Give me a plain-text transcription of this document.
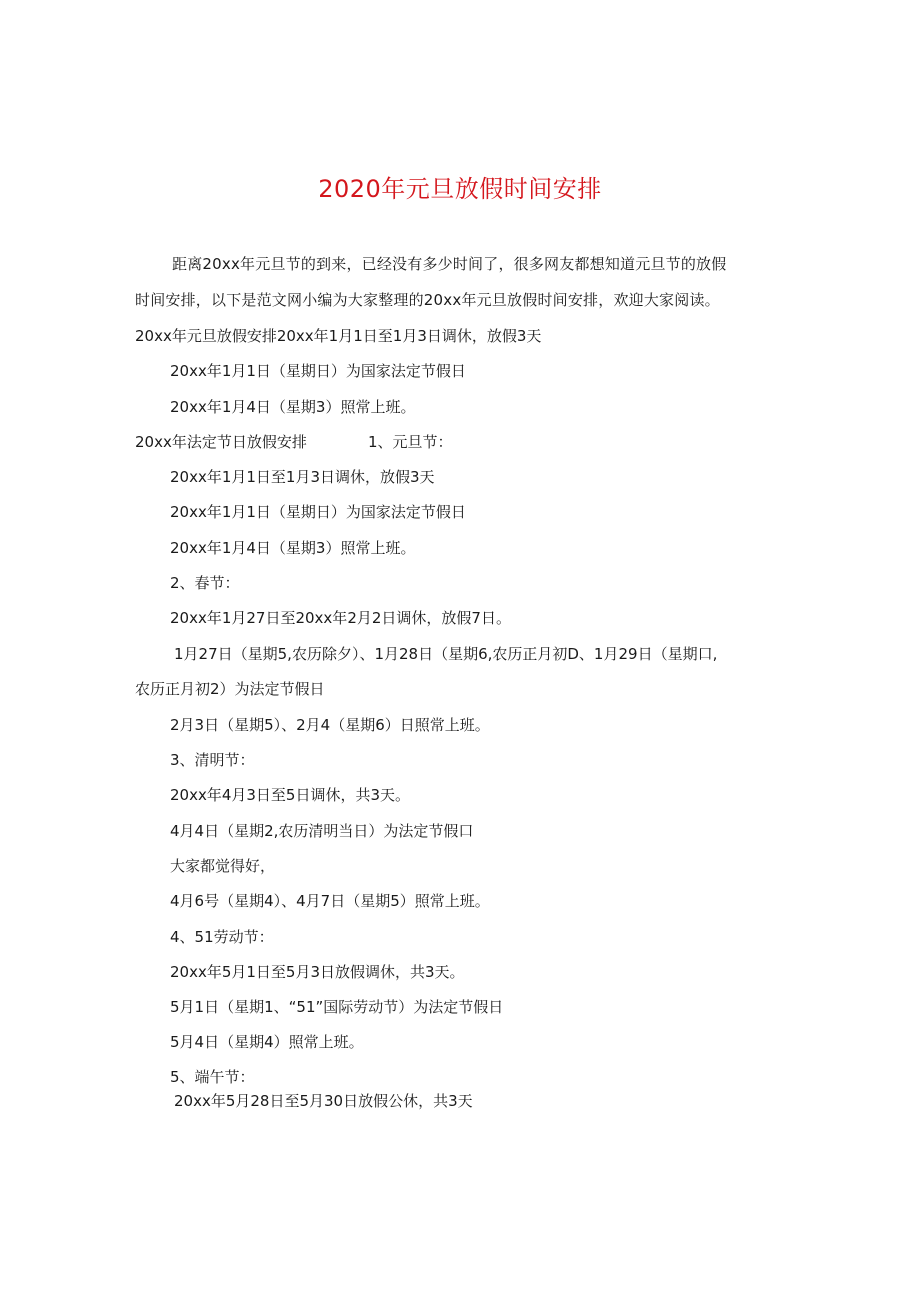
2020年元旦放假时间安排
距离20xx年元旦节的到来，已经没有多少时间了，很多网友都想知道元旦节的放假
时间安排，以下是范文网小编为大家整理的20xx年元旦放假时间安排，欢迎大家阅读。
20xx年元旦放假安排20xx年1月1日至1月3日调休，放假3天
20xx年1月1日（星期日）为国家法定节假日
20xx年1月4日（星期3）照常上班。
20xx年法定节日放假安排	1、元旦节：
20xx年1月1日至1月3日调休，放假3天
20xx年1月1日（星期日）为国家法定节假日
20xx年1月4日（星期3）照常上班。
2、春节：
20xx年1月27日至20xx年2月2日调休，放假7日。
1月27日（星期5,农历除夕）、1月28日（星期6,农历正月初D、1月29日（星期口,
农历正月初2）为法定节假日
2月3日（星期5）、2月4（星期6）日照常上班。
3、清明节：
20xx年4月3日至5日调休，共3天。
4月4日（星期2,农历清明当日）为法定节假口
大家都觉得好，
4月6号（星期4）、4月7日（星期5）照常上班。
4、51劳动节：
20xx年5月1日至5月3日放假调休，共3天。
5月1日（星期1、“51”国际劳动节）为法定节假日
5月4日（星期4）照常上班。
5、端午节：
20xx年5月28日至5月30日放假公休，共3天
